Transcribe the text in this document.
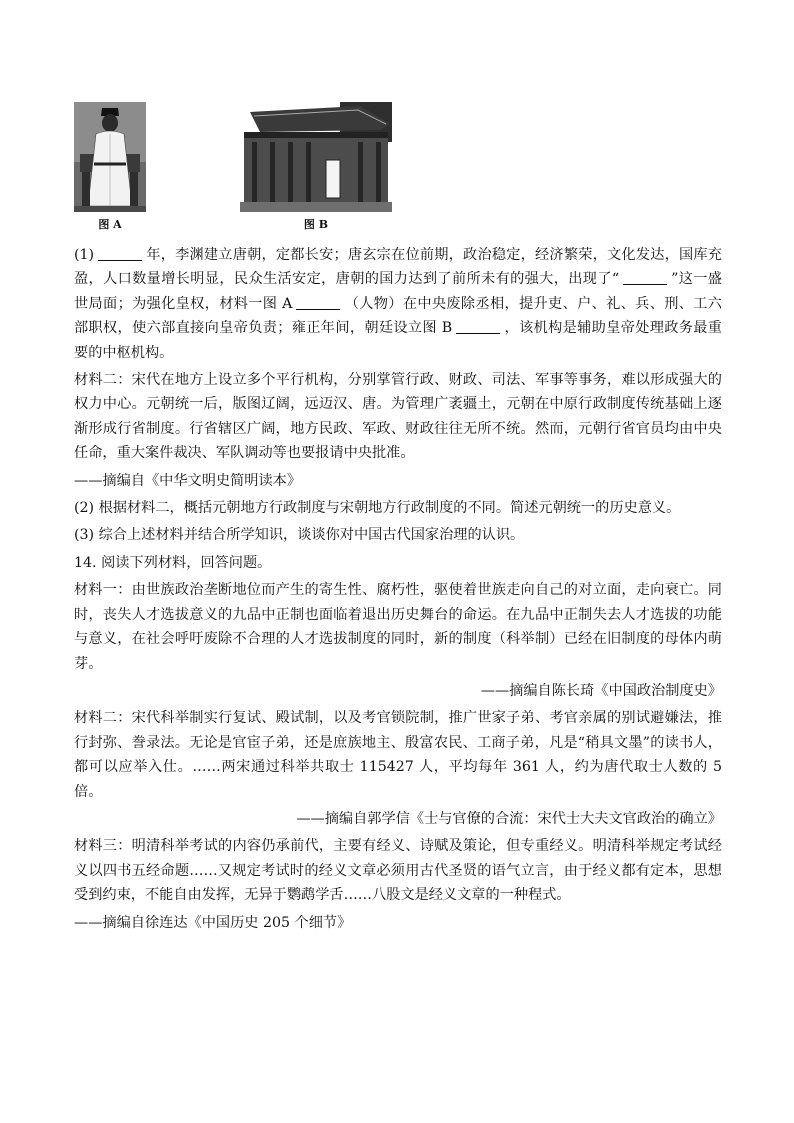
图 A	图 B

(1)	年，李渊建立唐朝，定都长安；唐玄宗在位前期，政治稳定，经济繁荣，文化发达，国库充盈，人口数量增长明显，民众生活安定，唐朝的国力达到了前所未有的强大，出现了“	”这一盛世局面；为强化皇权，材料一图 A	（人物）在中央废除丞相，提升吏、户、礼、兵、刑、工六部职权，使六部直接向皇帝负责；雍正年间，朝廷设立图 B	，该机构是辅助皇帝处理政务最重要的中枢机构。

材料二：宋代在地方上设立多个平行机构，分别掌管行政、财政、司法、军事等事务，难以形成强大的权力中心。元朝统一后，版图辽阔，远迈汉、唐。为管理广袤疆土，元朝在中原行政制度传统基础上逐渐形成行省制度。行省辖区广阔，地方民政、军政、财政往往无所不统。然而，元朝行省官员均由中央任命，重大案件裁决、军队调动等也要报请中央批准。

——摘编自《中华文明史简明读本》

(2) 根据材料二，概括元朝地方行政制度与宋朝地方行政制度的不同。简述元朝统一的历史意义。

(3) 综合上述材料并结合所学知识，谈谈你对中国古代国家治理的认识。

14. 阅读下列材料，回答问题。

材料一：由世族政治垄断地位而产生的寄生性、腐朽性，驱使着世族走向自己的对立面，走向衰亡。同时，丧失人才选拔意义的九品中正制也面临着退出历史舞台的命运。在九品中正制失去人才选拔的功能与意义，在社会呼吁废除不合理的人才选拔制度的同时，新的制度（科举制）已经在旧制度的母体内萌芽。

——摘编自陈长琦《中国政治制度史》

材料二：宋代科举制实行复试、殿试制，以及考官锁院制，推广世家子弟、考官亲属的别试避嫌法，推行封弥、誊录法。无论是官宦子弟，还是庶族地主、殷富农民、工商子弟，凡是“稍具文墨”的读书人，都可以应举入仕。……两宋通过科举共取士 115427 人，平均每年 361 人，约为唐代取士人数的 5 倍。

——摘编自郭学信《士与官僚的合流：宋代士大夫文官政治的确立》

材料三：明清科举考试的内容仍承前代，主要有经义、诗赋及策论，但专重经义。明清科举规定考试经义以四书五经命题……又规定考试时的经义文章必须用古代圣贤的语气立言，由于经义都有定本，思想受到约束，不能自由发挥，无异于鹦鹉学舌……八股文是经义文章的一种程式。

——摘编自徐连达《中国历史 205 个细节》
